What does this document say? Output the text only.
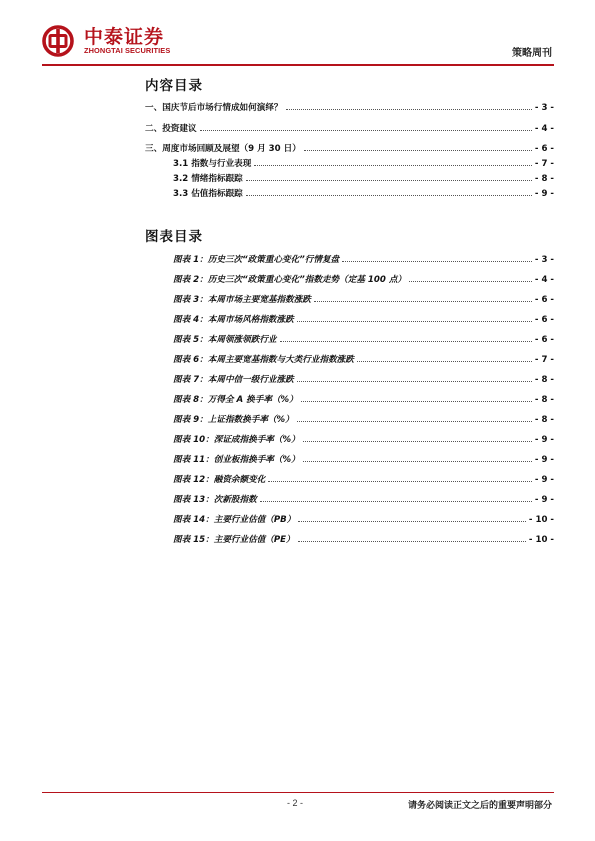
中泰证券
ZHONGTAI SECURITIES	策略周刊
内容目录
一、国庆节后市场行情成如何演绎？	- 3 -
二、投资建议	- 4 -
三、周度市场回顾及展望（9 月 30 日）	- 6 -
3.1 指数与行业表现	- 7 -
3.2 情绪指标跟踪	- 8 -
3.3 估值指标跟踪	- 9 -
图表目录
图表 1：历史三次“政策重心变化”行情复盘	- 3 -
图表 2：历史三次“政策重心变化”指数走势（定基 100 点）	- 4 -
图表 3：本周市场主要宽基指数涨跌	- 6 -
图表 4：本周市场风格指数涨跌	- 6 -
图表 5：本周领涨领跌行业	- 6 -
图表 6：本周主要宽基指数与大类行业指数涨跌	- 7 -
图表 7：本周中信一级行业涨跌	- 8 -
图表 8：万得全 A 换手率（%）	- 8 -
图表 9：上证指数换手率（%）	- 8 -
图表 10：深证成指换手率（%）	- 9 -
图表 11：创业板指换手率（%）	- 9 -
图表 12：融资余额变化	- 9 -
图表 13：次新股指数	- 9 -
图表 14：主要行业估值（PB）	- 10 -
图表 15：主要行业估值（PE）	- 10 -
- 2 -	请务必阅读正文之后的重要声明部分
